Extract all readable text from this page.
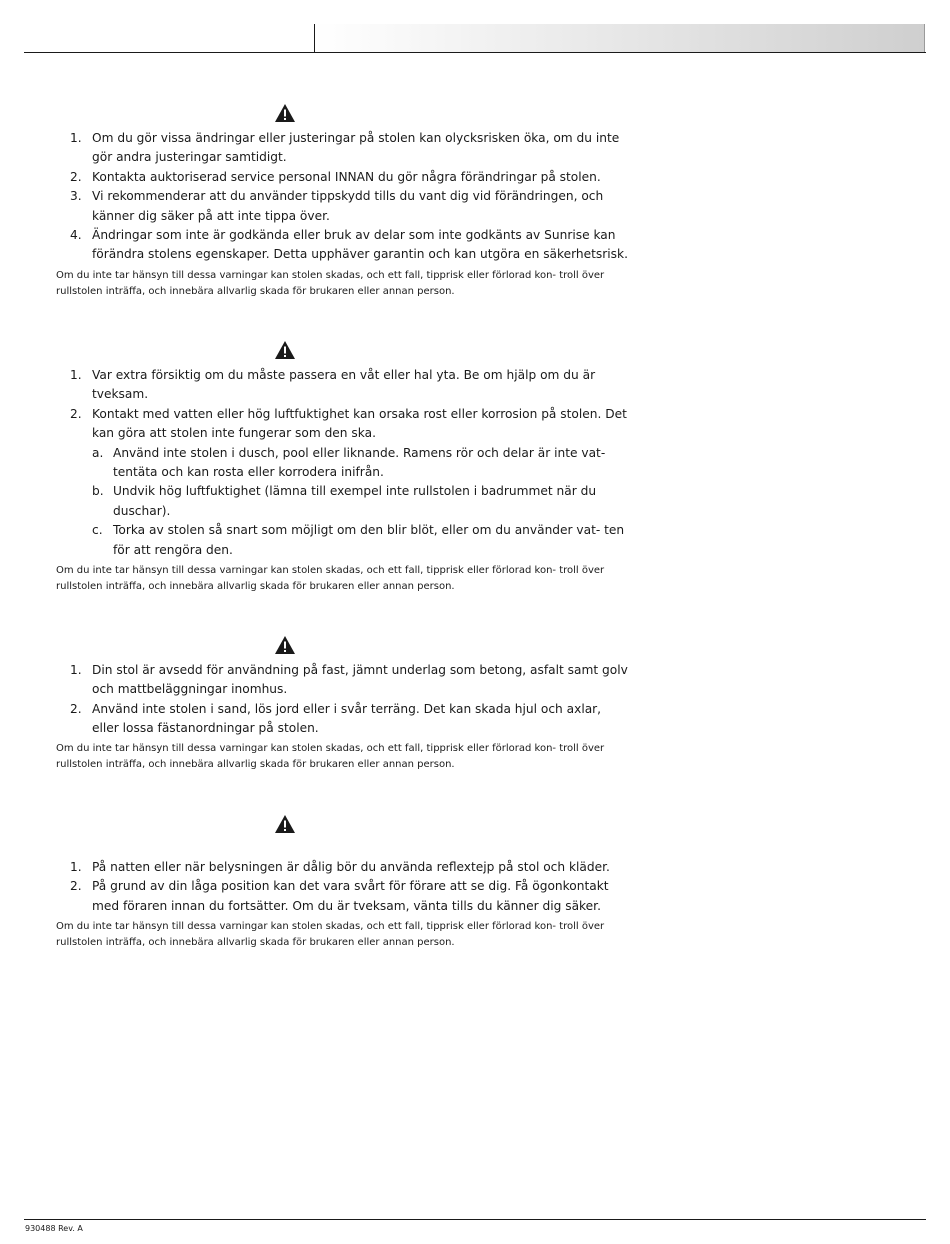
1. Om du gör vissa ändringar eller justeringar på stolen kan olycksrisken öka, om du inte gör andra justeringar samtidigt.
2. Kontakta auktoriserad service personal INNAN du gör några förändringar på stolen.
3. Vi rekommenderar att du använder tippskydd tills du vant dig vid förändringen, och känner dig säker på att inte tippa över.
4. Ändringar som inte är godkända eller bruk av delar som inte godkänts av Sunrise kan förändra stolens egenskaper. Detta upphäver garantin och kan utgöra en säkerhetsrisk.
Om du inte tar hänsyn till dessa varningar kan stolen skadas, och ett fall, tipprisk eller förlorad kon- troll över rullstolen inträffa, och innebära allvarlig skada för brukaren eller annan person.
1. Var extra försiktig om du måste passera en våt eller hal yta. Be om hjälp om du är tveksam.
2. Kontakt med vatten eller hög luftfuktighet kan orsaka rost eller korrosion på stolen. Det kan göra att stolen inte fungerar som den ska.
a. Använd inte stolen i dusch, pool eller liknande. Ramens rör och delar är inte vat- tentäta och kan rosta eller korrodera inifrån.
b. Undvik hög luftfuktighet (lämna till exempel inte rullstolen i badrummet när du duschar).
c. Torka av stolen så snart som möjligt om den blir blöt, eller om du använder vat- ten för att rengöra den.
Om du inte tar hänsyn till dessa varningar kan stolen skadas, och ett fall, tipprisk eller förlorad kon- troll över rullstolen inträffa, och innebära allvarlig skada för brukaren eller annan person.
1. Din stol är avsedd för användning på fast, jämnt underlag som betong, asfalt samt golv och mattbeläggningar inomhus.
2. Använd inte stolen i sand, lös jord eller i svår terräng. Det kan skada hjul och axlar, eller lossa fästanordningar på stolen.
Om du inte tar hänsyn till dessa varningar kan stolen skadas, och ett fall, tipprisk eller förlorad kon- troll över rullstolen inträffa, och innebära allvarlig skada för brukaren eller annan person.
1. På natten eller när belysningen är dålig bör du använda reflextejp på stol och kläder.
2. På grund av din låga position kan det vara svårt för förare att se dig. Få ögonkontakt med föraren innan du fortsätter. Om du är tveksam, vänta tills du känner dig säker.
Om du inte tar hänsyn till dessa varningar kan stolen skadas, och ett fall, tipprisk eller förlorad kon- troll över rullstolen inträffa, och innebära allvarlig skada för brukaren eller annan person.
930488 Rev. A
